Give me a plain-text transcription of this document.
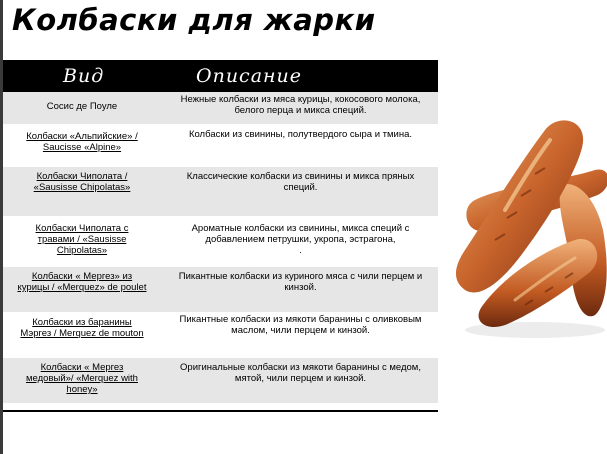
Колбаски для жарки
Вид	Описание
Сосис де Поуле
Нежные колбаски из мяса курицы, кокосового молока,
белого перца и микса специй.
Колбаски «Альпийские» /
Saucisse «Alpine»
Колбаски из свинины, полутвердого сыра и тмина.
Колбаски Чиполата /
«Sausisse Chipolatas»
Классические колбаски из свинины и микса пряных
специй.
Колбаски Чиполата с
травами / «Sausisse
Chipolatas»
Ароматные колбаски из свинины, микса специй с
добавлением петрушки, укропа, эстрагона,
.
Колбаски « Мергез» из
курицы / «Merquez» de poulet
Пикантные колбаски из куриного мяса с чили перцем и
кинзой.
Колбаски из баранины
Мэргез / Merquez de mouton
Пикантные колбаски из мякоти баранины с оливковым
маслом, чили перцем и кинзой.
Колбаски « Мергез
медовый»/ «Merquez with
honey»
Оригинальные колбаски из мякоти баранины с медом,
мятой, чили перцем и кинзой.
